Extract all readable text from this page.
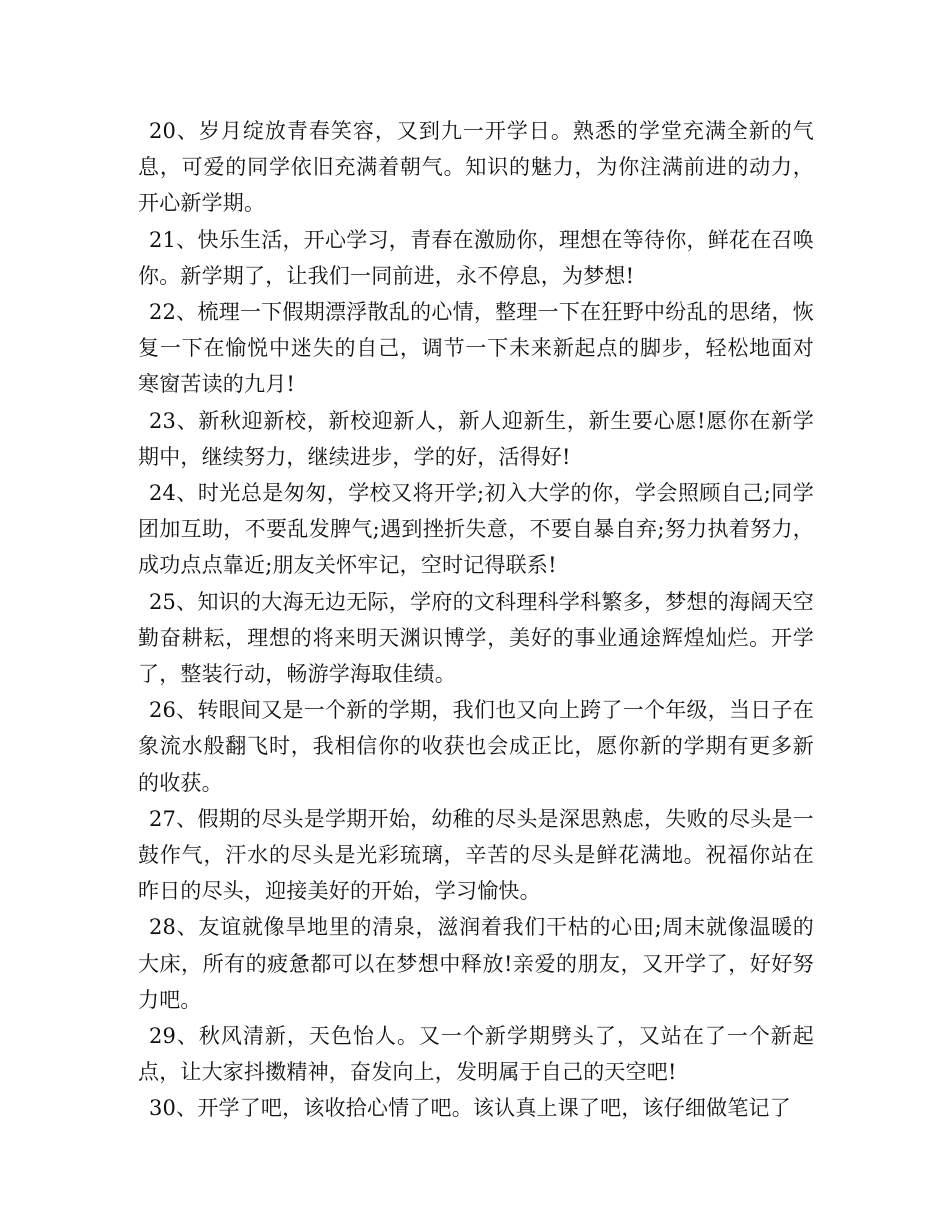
20、岁月绽放青春笑容，又到九一开学日。熟悉的学堂充满全新的气息，可爱的同学依旧充满着朝气。知识的魅力，为你注满前进的动力，开心新学期。

21、快乐生活，开心学习，青春在激励你，理想在等待你，鲜花在召唤你。新学期了，让我们一同前进，永不停息，为梦想!

22、梳理一下假期漂浮散乱的心情，整理一下在狂野中纷乱的思绪，恢复一下在愉悦中迷失的自己，调节一下未来新起点的脚步，轻松地面对寒窗苦读的九月!

23、新秋迎新校，新校迎新人，新人迎新生，新生要心愿!愿你在新学期中，继续努力，继续进步，学的好，活得好!

24、时光总是匆匆，学校又将开学;初入大学的你，学会照顾自己;同学团加互助，不要乱发脾气;遇到挫折失意，不要自暴自弃;努力执着努力，成功点点靠近;朋友关怀牢记，空时记得联系!

25、知识的大海无边无际，学府的文科理科学科繁多，梦想的海阔天空勤奋耕耘，理想的将来明天渊识博学，美好的事业通途辉煌灿烂。开学了，整装行动，畅游学海取佳绩。

26、转眼间又是一个新的学期，我们也又向上跨了一个年级，当日子在象流水般翻飞时，我相信你的收获也会成正比，愿你新的学期有更多新的收获。

27、假期的尽头是学期开始，幼稚的尽头是深思熟虑，失败的尽头是一鼓作气，汗水的尽头是光彩琉璃，辛苦的尽头是鲜花满地。祝福你站在昨日的尽头，迎接美好的开始，学习愉快。

28、友谊就像旱地里的清泉，滋润着我们干枯的心田;周末就像温暖的大床，所有的疲惫都可以在梦想中释放!亲爱的朋友，又开学了，好好努力吧。

29、秋风清新，天色怡人。又一个新学期劈头了，又站在了一个新起点，让大家抖擞精神，奋发向上，发明属于自己的天空吧!

30、开学了吧，该收拾心情了吧。该认真上课了吧，该仔细做笔记了
